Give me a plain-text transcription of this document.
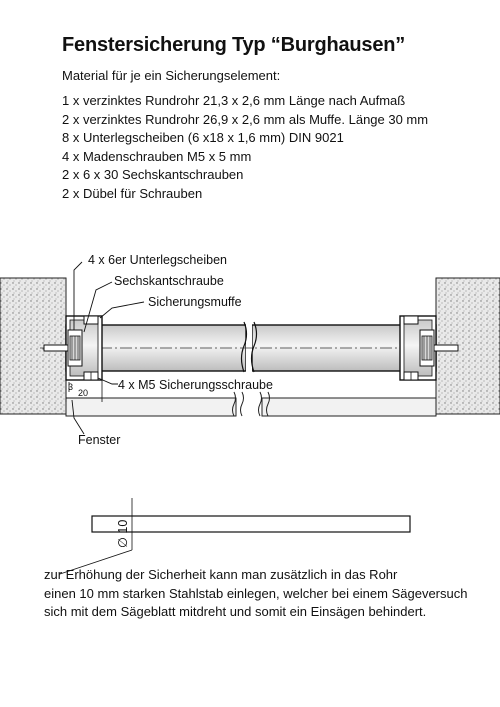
Fenstersicherung Typ “Burghausen”
Material für je ein Sicherungselement:
1 x verzinktes Rundrohr 21,3 x 2,6 mm Länge nach Aufmaß
2 x verzinktes Rundrohr 26,9 x 2,6 mm als Muffe. Länge 30 mm
8 x Unterlegscheiben (6 x18 x 1,6 mm) DIN 9021
4 x Madenschrauben M5 x 5 mm
2 x 6 x 30 Sechskantschrauben
2 x Dübel für Schrauben
3
20
4 x 6er Unterlegscheiben
Sechskantschraube
Sicherungsmuffe
4 x M5 Sicherungsschraube
Fenster
∅ 10
zur Erhöhung der Sicherheit kann man zusätzlich in das Rohr
einen 10 mm starken Stahlstab einlegen, welcher bei einem Sägeversuch
sich mit dem Sägeblatt mitdreht und somit ein Einsägen behindert.
